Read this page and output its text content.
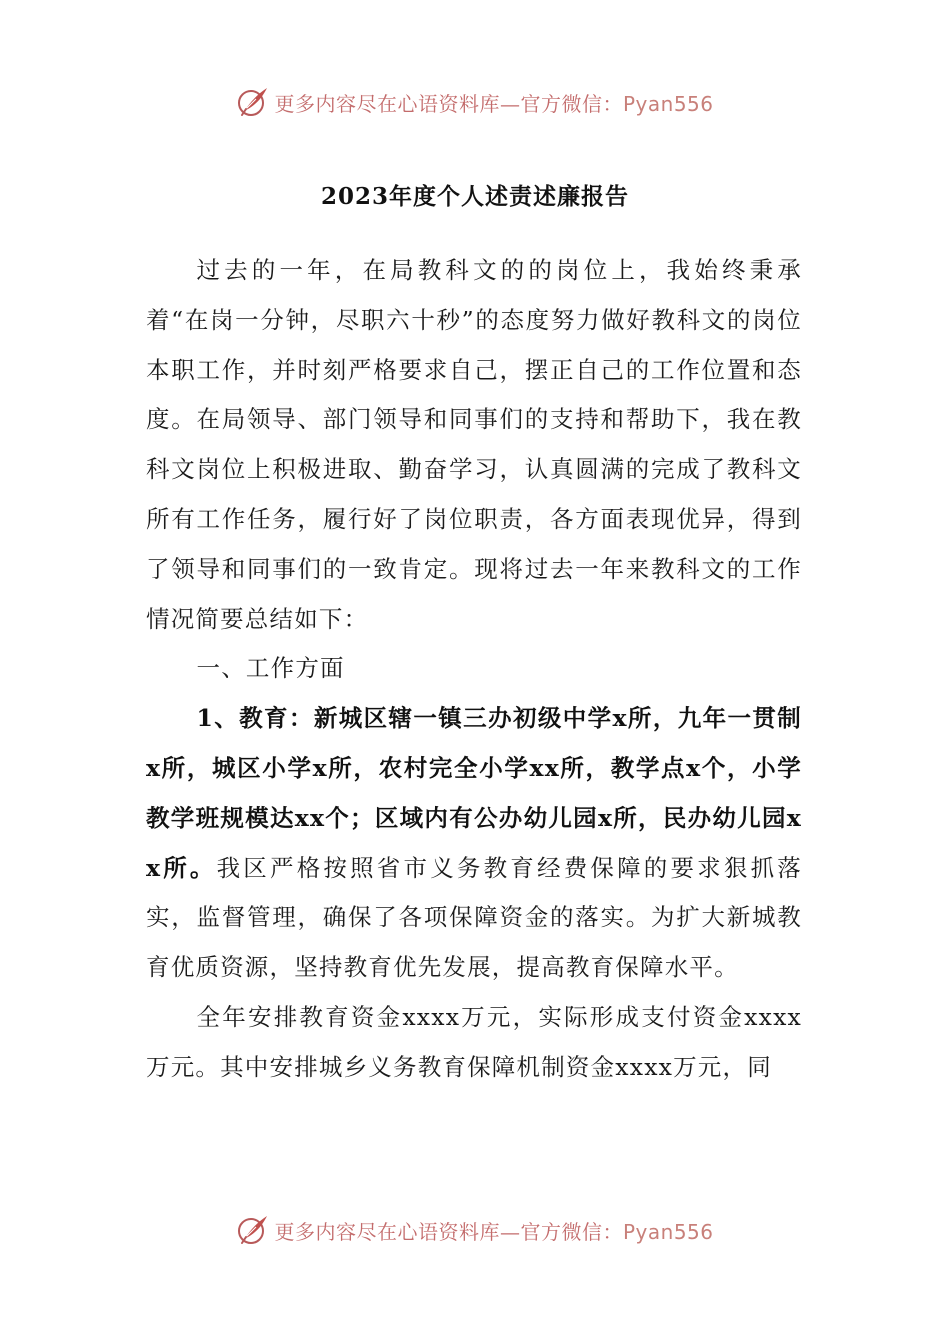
更多内容尽在心语资料库—官方微信：Pyan556
2023年度个人述责述廉报告

过去的一年，在局教科文的的岗位上，我始终秉承着“在岗一分钟，尽职六十秒”的态度努力做好教科文的岗位本职工作，并时刻严格要求自己，摆正自己的工作位置和态度。在局领导、部门领导和同事们的支持和帮助下，我在教科文岗位上积极进取、勤奋学习，认真圆满的完成了教科文所有工作任务，履行好了岗位职责，各方面表现优异，得到了领导和同事们的一致肯定。现将过去一年来教科文的工作情况简要总结如下：

一、工作方面

1、教育：新城区辖一镇三办初级中学x所，九年一贯制x所，城区小学x所，农村完全小学xx所，教学点x个，小学教学班规模达xx个；区域内有公办幼儿园x所，民办幼儿园xx所。我区严格按照省市义务教育经费保障的要求狠抓落实，监督管理，确保了各项保障资金的落实。为扩大新城教育优质资源，坚持教育优先发展，提高教育保障水平。

全年安排教育资金xxxx万元，实际形成支付资金xxxx万元。其中安排城乡义务教育保障机制资金xxxx万元，同

更多内容尽在心语资料库—官方微信：Pyan556
